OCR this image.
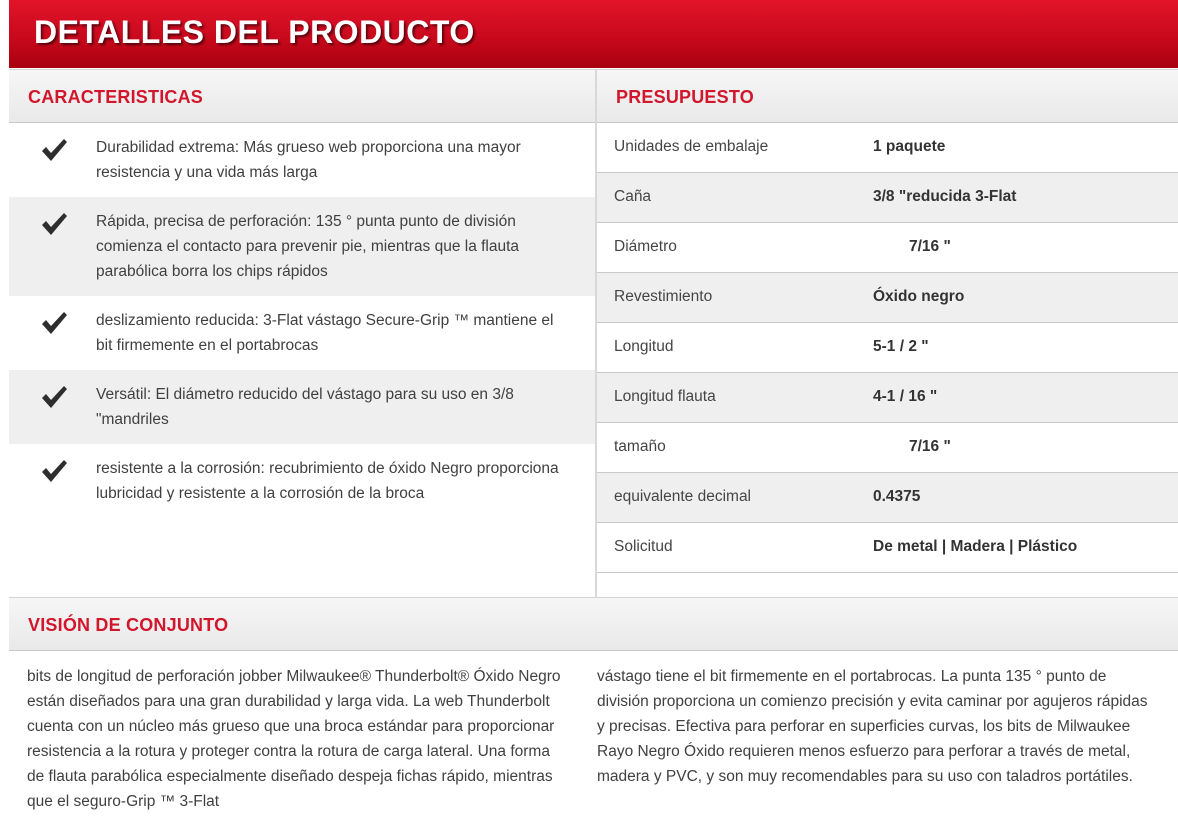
DETALLES DEL PRODUCTO
CARACTERISTICAS	PRESUPUESTO
Durabilidad extrema: Más grueso web proporciona una mayor resistencia y una vida más larga
Rápida, precisa de perforación: 135 ° punta punto de división comienza el contacto para prevenir pie, mientras que la flauta parabólica borra los chips rápidos
deslizamiento reducida: 3-Flat vástago Secure-Grip ™ mantiene el bit firmemente en el portabrocas
Versátil: El diámetro reducido del vástago para su uso en 3/8 "mandriles
resistente a la corrosión: recubrimiento de óxido Negro proporciona lubricidad y resistente a la corrosión de la broca
Unidades de embalaje	1 paquete
Caña	3/8 "reducida 3-Flat
Diámetro	7/16 "
Revestimiento	Óxido negro
Longitud	5-1 / 2 "
Longitud flauta	4-1 / 16 "
tamaño	7/16 "
equivalente decimal	0.4375
Solicitud	De metal | Madera | Plástico
VISIÓN DE CONJUNTO

bits de longitud de perforación jobber Milwaukee® Thunderbolt® Óxido Negro están diseñados para una gran durabilidad y larga vida. La web Thunderbolt cuenta con un núcleo más grueso que una broca estándar para proporcionar resistencia a la rotura y proteger contra la rotura de carga lateral. Una forma de flauta parabólica especialmente diseñado despeja fichas rápido, mientras que el seguro-Grip ™ 3-Flat

vástago tiene el bit firmemente en el portabrocas. La punta 135 ° punto de división proporciona un comienzo precisión y evita caminar por agujeros rápidas y precisas. Efectiva para perforar en superficies curvas, los bits de Milwaukee Rayo Negro Óxido requieren menos esfuerzo para perforar a través de metal, madera y PVC, y son muy recomendables para su uso con taladros portátiles.
